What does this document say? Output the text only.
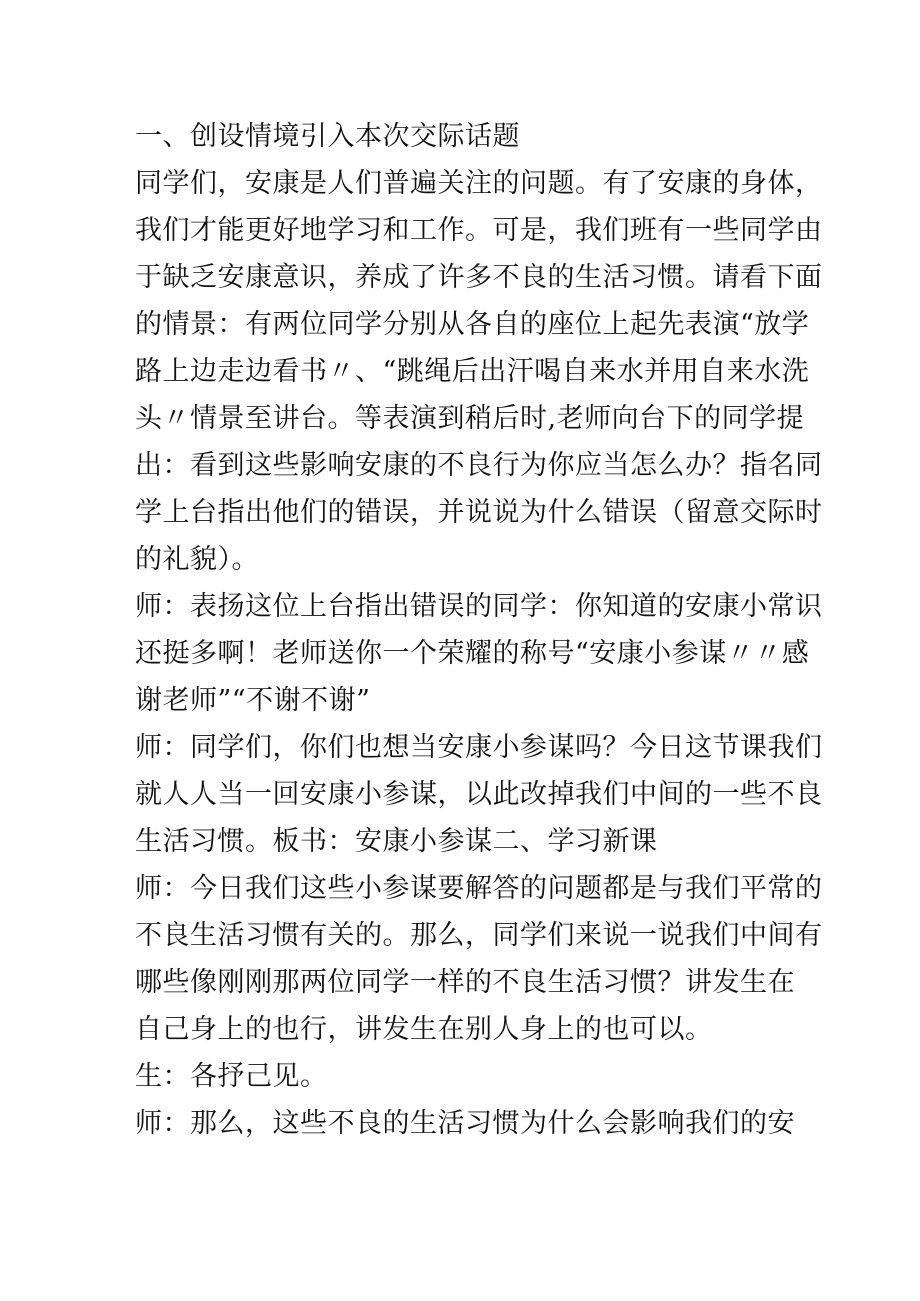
一、创设情境引入本次交际话题
同学们，安康是人们普遍关注的问题。有了安康的身体，
我们才能更好地学习和工作。可是，我们班有一些同学由
于缺乏安康意识，养成了许多不良的生活习惯。请看下面
的情景：有两位同学分别从各自的座位上起先表演“放学
路上边走边看书〃、“跳绳后出汗喝自来水并用自来水洗
头〃情景至讲台。等表演到稍后时,老师向台下的同学提
出：看到这些影响安康的不良行为你应当怎么办？指名同
学上台指出他们的错误，并说说为什么错误（留意交际时
的礼貌）。
师：表扬这位上台指出错误的同学：你知道的安康小常识
还挺多啊！老师送你一个荣耀的称号“安康小参谋〃〃感
谢老师”“不谢不谢”
师：同学们，你们也想当安康小参谋吗？今日这节课我们
就人人当一回安康小参谋，以此改掉我们中间的一些不良
生活习惯。板书：安康小参谋二、学习新课
师：今日我们这些小参谋要解答的问题都是与我们平常的
不良生活习惯有关的。那么，同学们来说一说我们中间有
哪些像刚刚那两位同学一样的不良生活习惯？讲发生在
自己身上的也行，讲发生在别人身上的也可以。
生：各抒己见。
师：那么，这些不良的生活习惯为什么会影响我们的安
